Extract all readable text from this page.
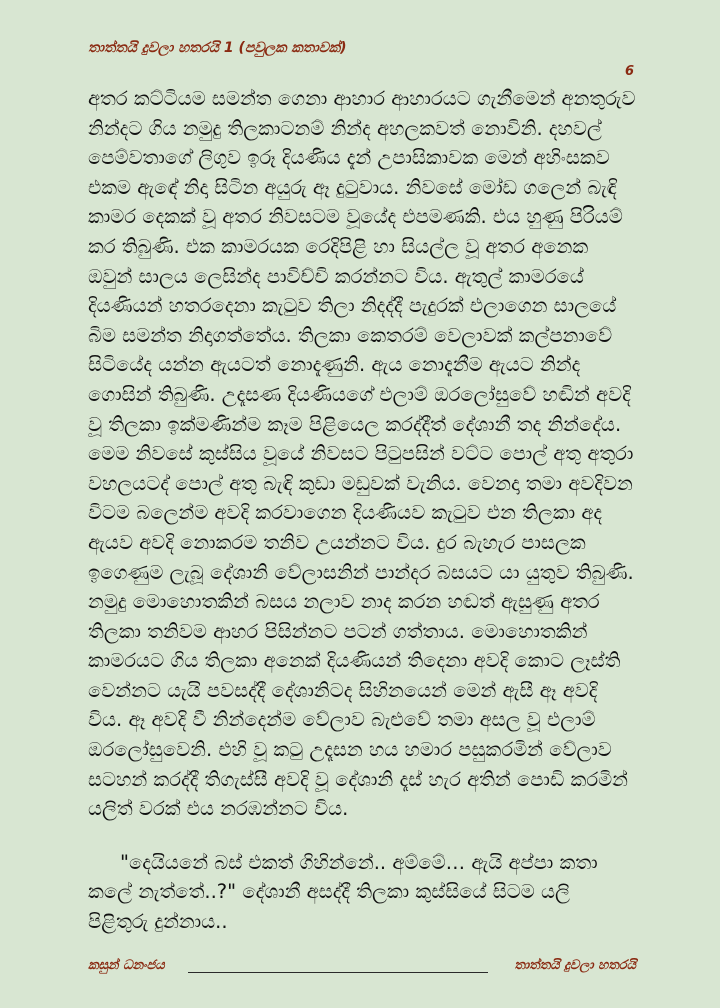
තාත්තයි දුවලා හතරයි 1 (පවුලක කතාවක්)
6

අතර කට්ටියම සමන්ත ගෙනා ආහාර ආහාරයට ගැනීමෙන් අනතුරුව නින්දට ගිය නමුදු තිලකාටනම් නින්ද අහලකවත් නොවිනි. දහවල් පෙම්වතාගේ ලිගුව ඉරූ දියණිය දැන් උපාසිකාවක මෙන් අහිංසකව එකම ඇඳේ නිදා සිටින අයුරු ඈ දුටුවාය. නිවසේ මෝඩ ගලෙන් බැඳි කාමර දෙකක් වූ අතර නිවසටම වූයේද එපමණකි. එය හුණු පිරියම් කර තිබුණි. එක කාමරයක රෙදිපිළි හා සියල්ල වූ අතර අනෙක ඔවුන් සාලය ලෙසින්ද පාවිච්චි කරන්නට විය. ඇතුල් කාමරයේ දියණියන් හතරදෙනා කැටුව තිලා නිදද්දී පැදුරක් එලාගෙන සාලයේ බිම සමන්ත නිදාගත්තේය. තිලකා කෙතරම් වෙලාවක් කල්පනාවේ සිටියේද යන්න ඇයටත් නොදැණුනි. ඇය නොදැනීම ඇයට නින්ද ගොසින් තිබුණි. උදෑසණ දියණියගේ එලාම් ඔරලෝසුවේ හඬින් අවදි වූ තිලකා ඉක්මණින්ම කෑම පිළියෙල කරද්දීත් දේශානී තද නින්දේය. මෙම නිවසේ කුස්සිය වූයේ නිවසට පිටුපසින් වට්ට පොල් අතු අතුරා වහලයටද් පොල් අතු බැඳි කුඩා මඩුවක් වැනිය. වෙනදා තමා අවදිවන විටම බලෙන්ම අවදි කරවාගෙන දියණියව කැටුව එන තිලකා අද ඇයව අවදි නොකරම තනිව උයන්නට විය. දුර බැහැර පාසලක ඉගෙණුම ලැබූ දේශානි වේලාසනින් පාන්දර බසයට යා යුතුව තිබුණි. නමුදු මොහොතකින් බසය නලාව නාද කරන හඬත් ඇසුණු අතර තිලකා තනිවම ආහර පිසින්නට පටන් ගත්තාය. මොහොතකින් කාමරයට ගිය තිලකා අනෙක් දියණියන් තිදෙනා අවදි කොට ලෑස්ති වෙන්නට යැයි පවසද්දී දේශානිටද සිහිනයෙන් මෙන් ඇසී ඈ අවදි විය. ඈ අවදි වී නින්දෙන්ම වේලාව බැළුවේ තමා අසල වූ එලාම් ඔරලෝසුවෙනි. එහි වූ කටු උදෑසන හය හමාර පසුකරමින් වේලාව සටහන් කරද්දී තිගැස්සී අවදි වූ දේශානි දෑස් හැර අතින් පොඩි කරමින් යලිත් වරක් එය නරඹන්නට විය.

"දෙයියනේ බස් එකත් ගිහින්නේ.. අම්මේ… ඇයි අප්පා කතා කලේ නැත්තේ..?" දේශානී අසද්දී තිලකා කුස්සියේ සිටම යලි පිළිතුරු දුන්නාය..

කසුන් ධනංජය	තාත්තයි දුවලා හතරයි
